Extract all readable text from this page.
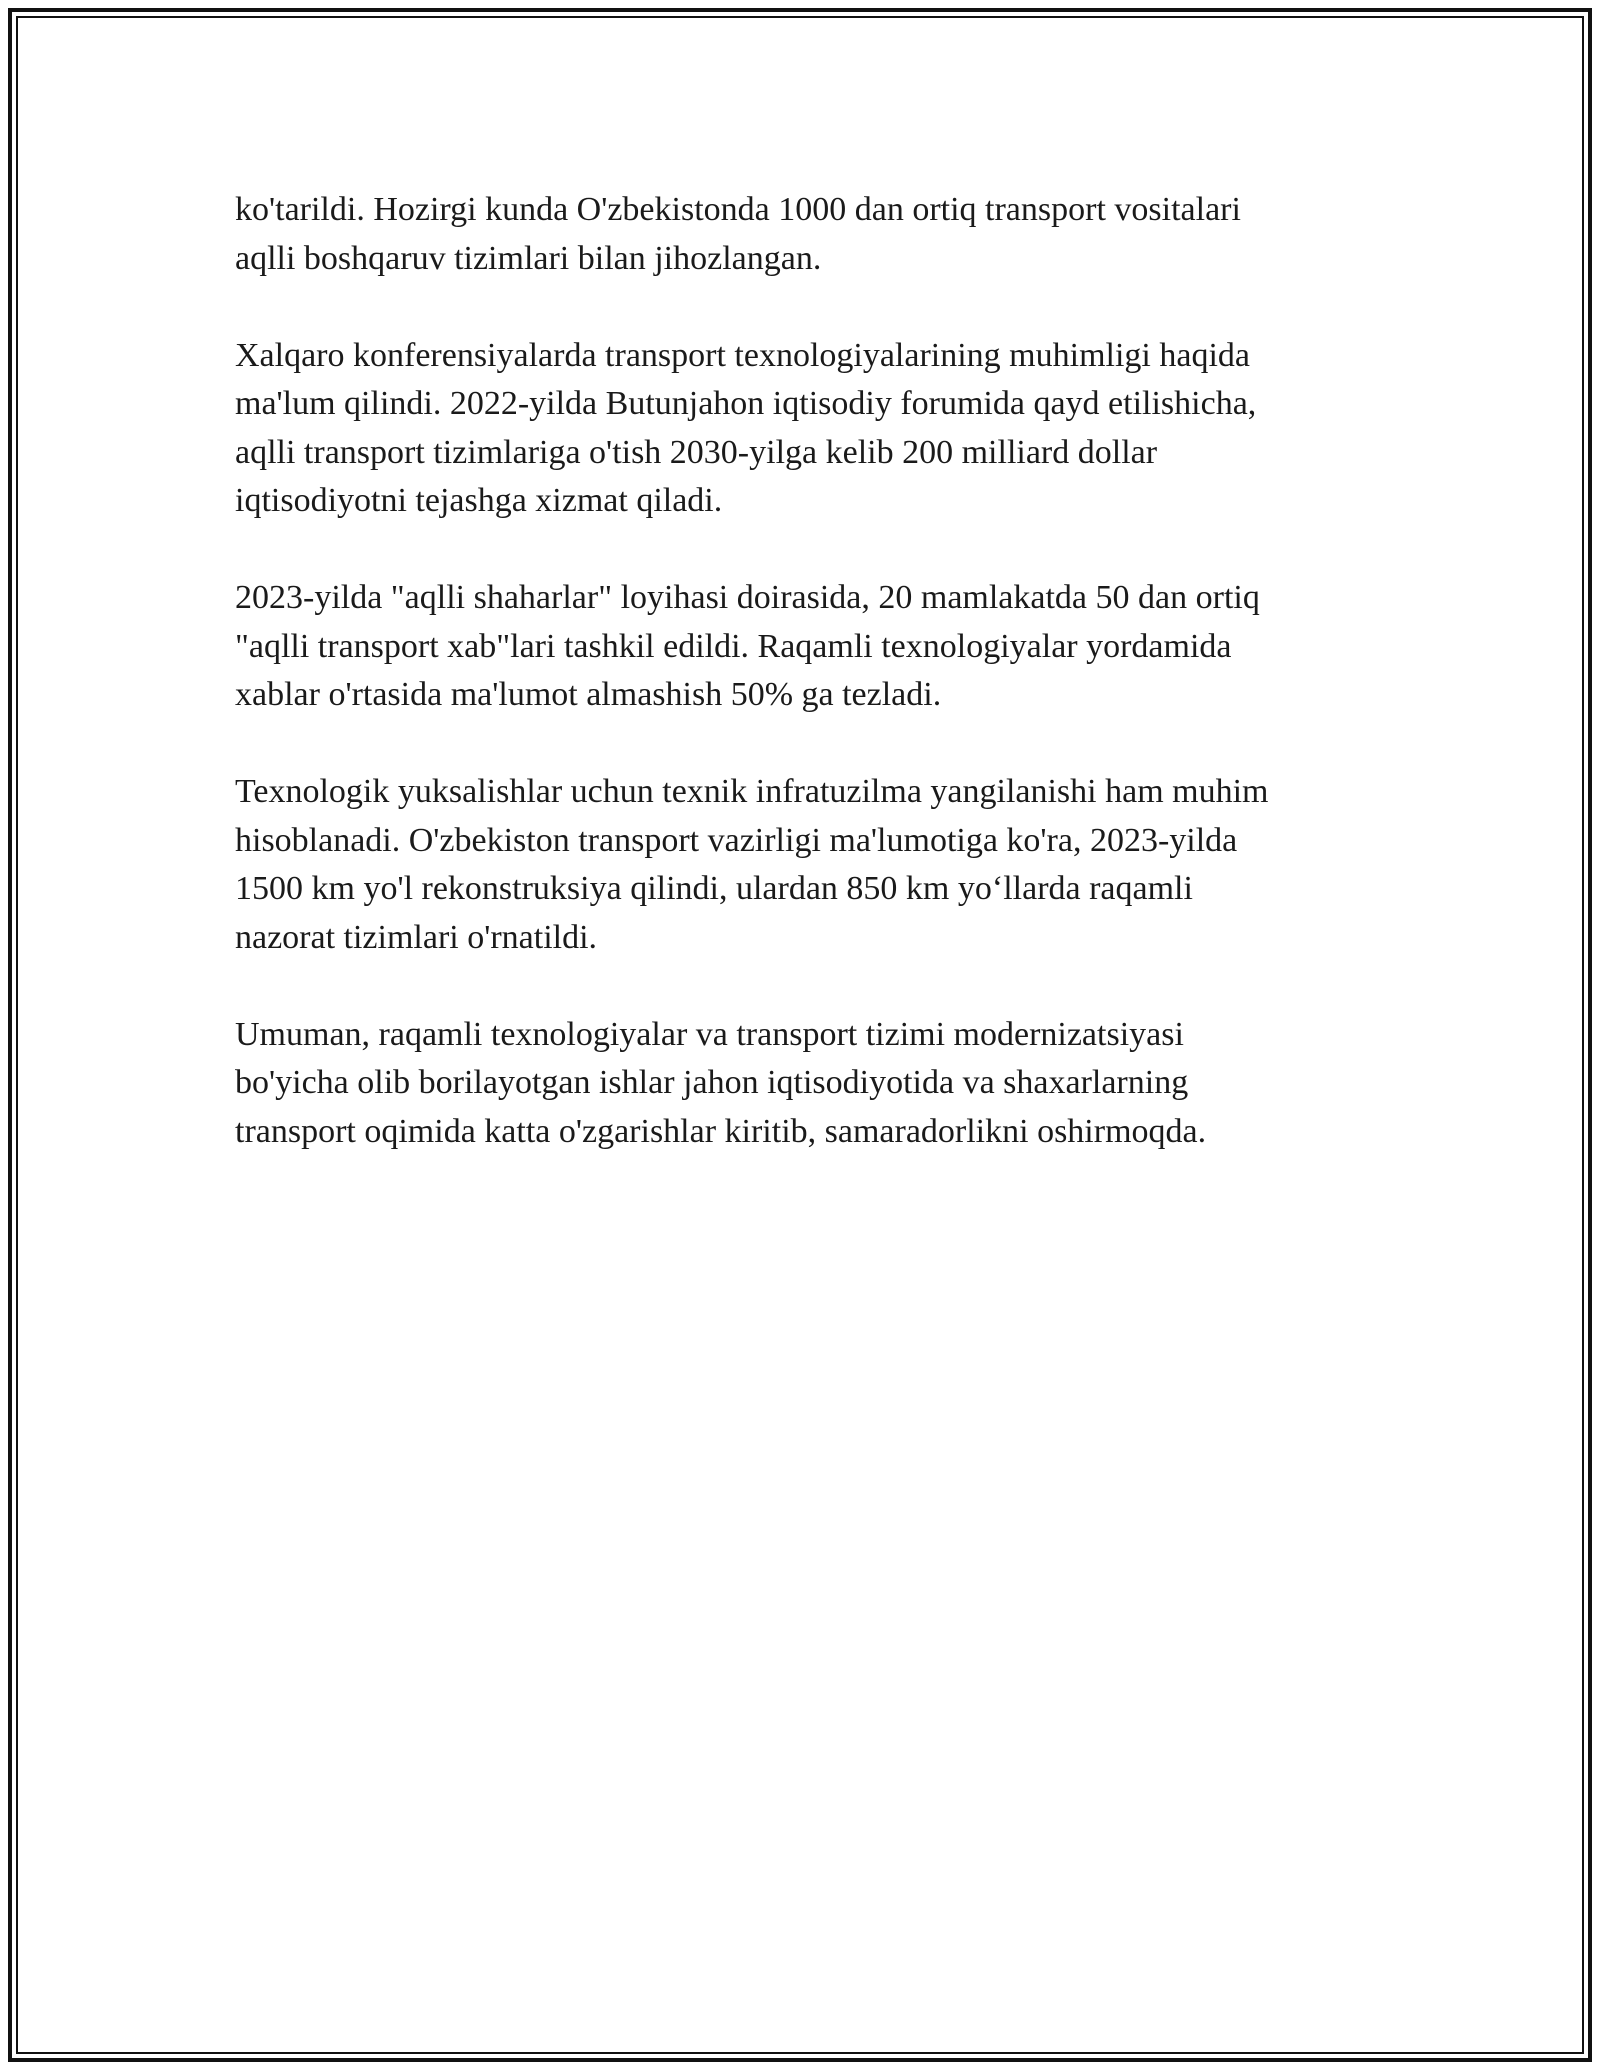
ko'tarildi. Hozirgi kunda O'zbekistonda 1000 dan ortiq transport vositalari
aqlli boshqaruv tizimlari bilan jihozlangan.

Xalqaro konferensiyalarda transport texnologiyalarining muhimligi haqida
ma'lum qilindi. 2022-yilda Butunjahon iqtisodiy forumida qayd etilishicha,
aqlli transport tizimlariga o'tish 2030-yilga kelib 200 milliard dollar
iqtisodiyotni tejashga xizmat qiladi.

2023-yilda "aqlli shaharlar" loyihasi doirasida, 20 mamlakatda 50 dan ortiq
"aqlli transport xab"lari tashkil edildi. Raqamli texnologiyalar yordamida
xablar o'rtasida ma'lumot almashish 50% ga tezladi.

Texnologik yuksalishlar uchun texnik infratuzilma yangilanishi ham muhim
hisoblanadi. O'zbekiston transport vazirligi ma'lumotiga ko'ra, 2023-yilda
1500 km yo'l rekonstruksiya qilindi, ulardan 850 km yo‘llarda raqamli
nazorat tizimlari o'rnatildi.

Umuman, raqamli texnologiyalar va transport tizimi modernizatsiyasi
bo'yicha olib borilayotgan ishlar jahon iqtisodiyotida va shaxarlarning
transport oqimida katta o'zgarishlar kiritib, samaradorlikni oshirmoqda.
